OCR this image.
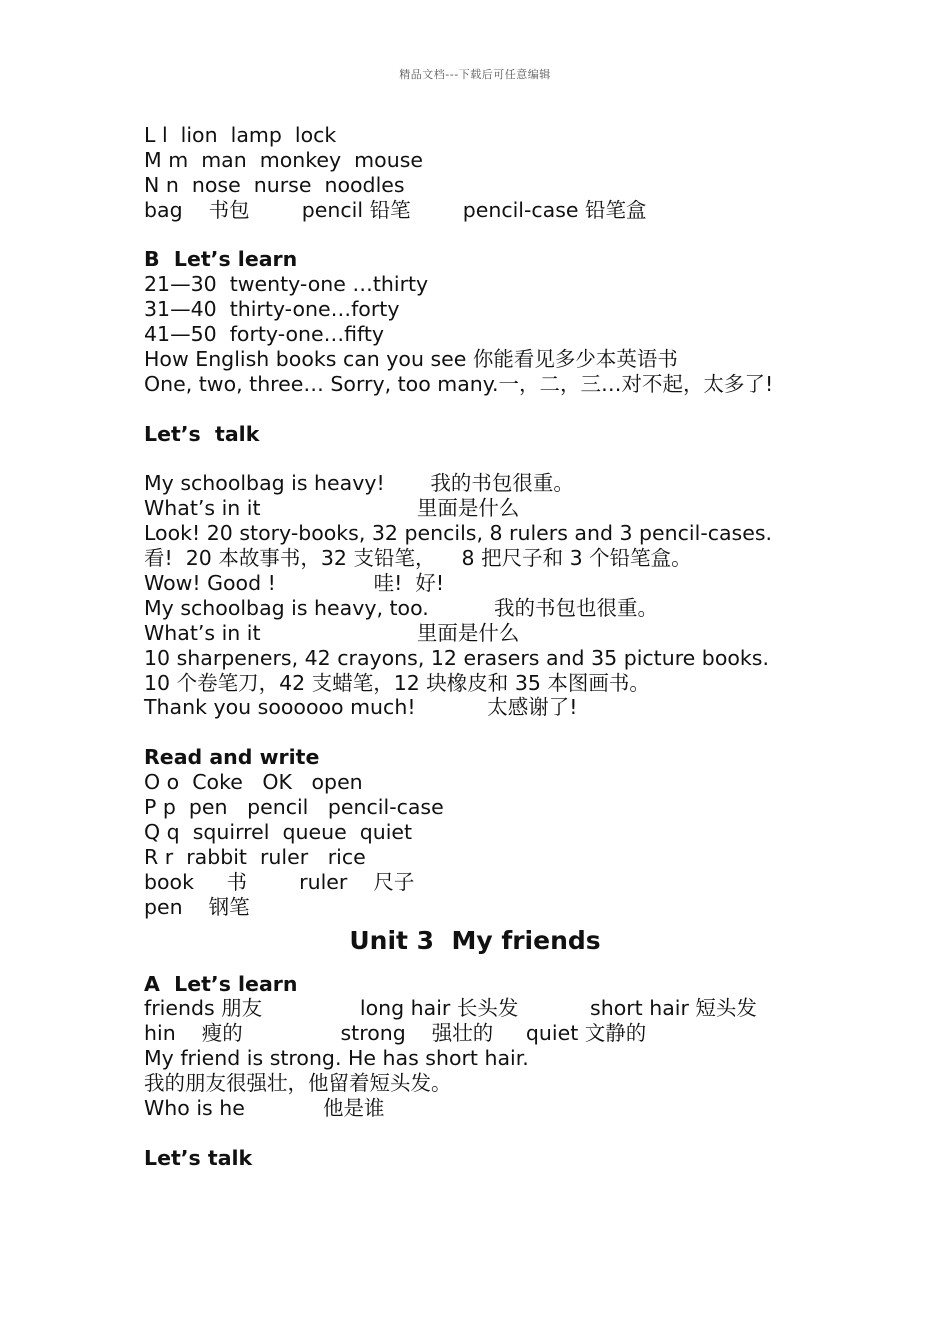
精品文档---下载后可任意编辑
L l  lion  lamp  lock
M m  man  monkey  mouse
N n  nose  nurse  noodles
bag    书包        pencil 铅笔        pencil-case 铅笔盒
B  Let’s learn
21—30  twenty-one …thirty
31—40  thirty-one…forty
41—50  forty-one…fifty
How English books can you see 你能看见多少本英语书
One, two, three… Sorry, too many.一，二，三…对不起，太多了!
Let’s  talk
My schoolbag is heavy!       我的书包很重。
What’s in it                        里面是什么
Look! 20 story-books, 32 pencils, 8 rulers and 3 pencil-cases.
看!  20 本故事书，32 支铅笔，    8 把尺子和 3 个铅笔盒。
Wow! Good !               哇!  好!
My schoolbag is heavy, too.          我的书包也很重。
What’s in it                        里面是什么
10 sharpeners, 42 crayons, 12 erasers and 35 picture books.
10 个卷笔刀，42 支蜡笔，12 块橡皮和 35 本图画书。
Thank you soooooo much!           太感谢了!
Read and write
O o  Coke   OK   open
P p  pen   pencil   pencil-case
Q q  squirrel  queue  quiet
R r  rabbit  ruler   rice
book     书        ruler    尺子
pen    钢笔
Unit 3  My friends
A  Let’s learn
friends 朋友               long hair 长头发           short hair 短头发
hin    瘦的               strong    强壮的     quiet 文静的
My friend is strong. He has short hair.
我的朋友很强壮，他留着短头发。
Who is he            他是谁
Let’s talk
